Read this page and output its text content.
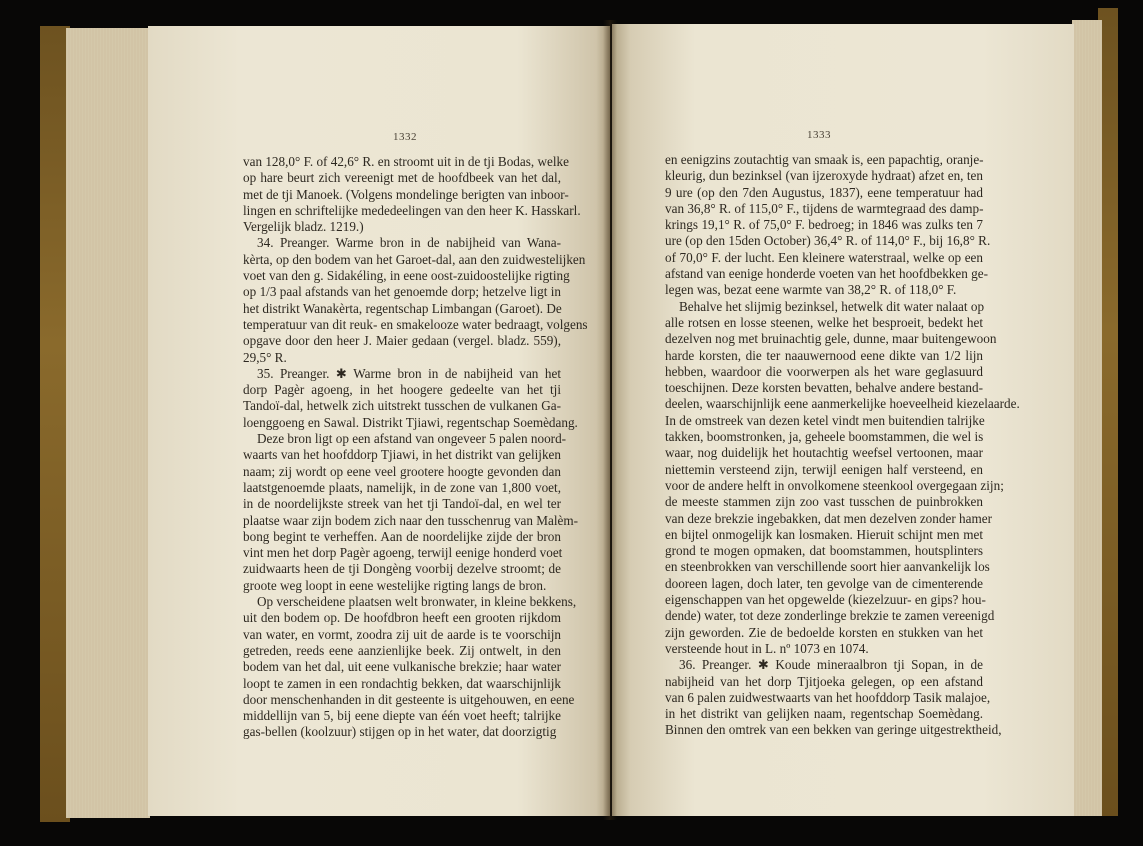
1332
van 128,0° F. of 42,6° R. en stroomt uit in de tji Bodas, welke
op hare beurt zich vereenigt met de hoofdbeek van het dal,
met de tji Manoek. (Volgens mondelinge berigten van inboor-
lingen en schriftelijke mededeelingen van den heer K. Hasskarl.
Vergelijk bladz. 1219.)
34. Preanger. Warme bron in de nabijheid van Wana-
kèrta, op den bodem van het Garoet-dal, aan den zuidwestelijken
voet van den g. Sidakéling, in eene oost-zuidoostelijke rigting
op 1/3 paal afstands van het genoemde dorp; hetzelve ligt in
het distrikt Wanakèrta, regentschap Limbangan (Garoet). De
temperatuur van dit reuk- en smakelooze water bedraagt, volgens
opgave door den heer J. Maier gedaan (vergel. bladz. 559),
29,5° R.
35. Preanger. ✱ Warme bron in de nabijheid van het
dorp Pagèr agoeng, in het hoogere gedeelte van het tji
Tandoï-dal, hetwelk zich uitstrekt tusschen de vulkanen Ga-
loenggoeng en Sawal. Distrikt Tjiawi, regentschap Soemèdang.
Deze bron ligt op een afstand van ongeveer 5 palen noord-
waarts van het hoofddorp Tjiawi, in het distrikt van gelijken
naam; zij wordt op eene veel grootere hoogte gevonden dan
laatstgenoemde plaats, namelijk, in de zone van 1,800 voet,
in de noordelijkste streek van het tji Tandoï-dal, en wel ter
plaatse waar zijn bodem zich naar den tusschenrug van Malèm-
bong begint te verheffen. Aan de noordelijke zijde der bron
vint men het dorp Pagèr agoeng, terwijl eenige honderd voet
zuidwaarts heen de tji Dongèng voorbij dezelve stroomt; de
groote weg loopt in eene westelijke rigting langs de bron.
Op verscheidene plaatsen welt bronwater, in kleine bekkens,
uit den bodem op. De hoofdbron heeft een grooten rijkdom
van water, en vormt, zoodra zij uit de aarde is te voorschijn
getreden, reeds eene aanzienlijke beek. Zij ontwelt, in den
bodem van het dal, uit eene vulkanische brekzie; haar water
loopt te zamen in een rondachtig bekken, dat waarschijnlijk
door menschenhanden in dit gesteente is uitgehouwen, en eene
middellijn van 5, bij eene diepte van één voet heeft; talrijke
gas-bellen (koolzuur) stijgen op in het water, dat doorzigtig
1333
en eenigzins zoutachtig van smaak is, een papachtig, oranje-
kleurig, dun bezinksel (van ijzeroxyde hydraat) afzet en, ten
9 ure (op den 7den Augustus, 1837), eene temperatuur had
van 36,8° R. of 115,0° F., tijdens de warmtegraad des damp-
krings 19,1° R. of 75,0° F. bedroeg; in 1846 was zulks ten 7
ure (op den 15den October) 36,4° R. of 114,0° F., bij 16,8° R.
of 70,0° F. der lucht. Een kleinere waterstraal, welke op een
afstand van eenige honderde voeten van het hoofdbekken ge-
legen was, bezat eene warmte van 38,2° R. of 118,0° F.
Behalve het slijmig bezinksel, hetwelk dit water nalaat op
alle rotsen en losse steenen, welke het besproeit, bedekt het
dezelven nog met bruinachtig gele, dunne, maar buitengewoon
harde korsten, die ter naauwernood eene dikte van 1/2 lijn
hebben, waardoor die voorwerpen als het ware geglasuurd
toeschijnen. Deze korsten bevatten, behalve andere bestand-
deelen, waarschijnlijk eene aanmerkelijke hoeveelheid kiezelaarde.
In de omstreek van dezen ketel vindt men buitendien talrijke
takken, boomstronken, ja, geheele boomstammen, die wel is
waar, nog duidelijk het houtachtig weefsel vertoonen, maar
niettemin versteend zijn, terwijl eenigen half versteend, en
voor de andere helft in onvolkomene steenkool overgegaan zijn;
de meeste stammen zijn zoo vast tusschen de puinbrokken
van deze brekzie ingebakken, dat men dezelven zonder hamer
en bijtel onmogelijk kan losmaken. Hieruit schijnt men met
grond te mogen opmaken, dat boomstammen, houtsplinters
en steenbrokken van verschillende soort hier aanvankelijk los
dooreen lagen, doch later, ten gevolge van de cimenterende
eigenschappen van het opgewelde (kiezelzuur- en gips? hou-
dende) water, tot deze zonderlinge brekzie te zamen vereenigd
zijn geworden. Zie de bedoelde korsten en stukken van het
versteende hout in L. nº 1073 en 1074.
36. Preanger. ✱ Koude mineraalbron tji Sopan, in de
nabijheid van het dorp Tjitjoeka gelegen, op een afstand
van 6 palen zuidwestwaarts van het hoofddorp Tasik malajoe,
in het distrikt van gelijken naam, regentschap Soemèdang.
Binnen den omtrek van een bekken van geringe uitgestrektheid,
